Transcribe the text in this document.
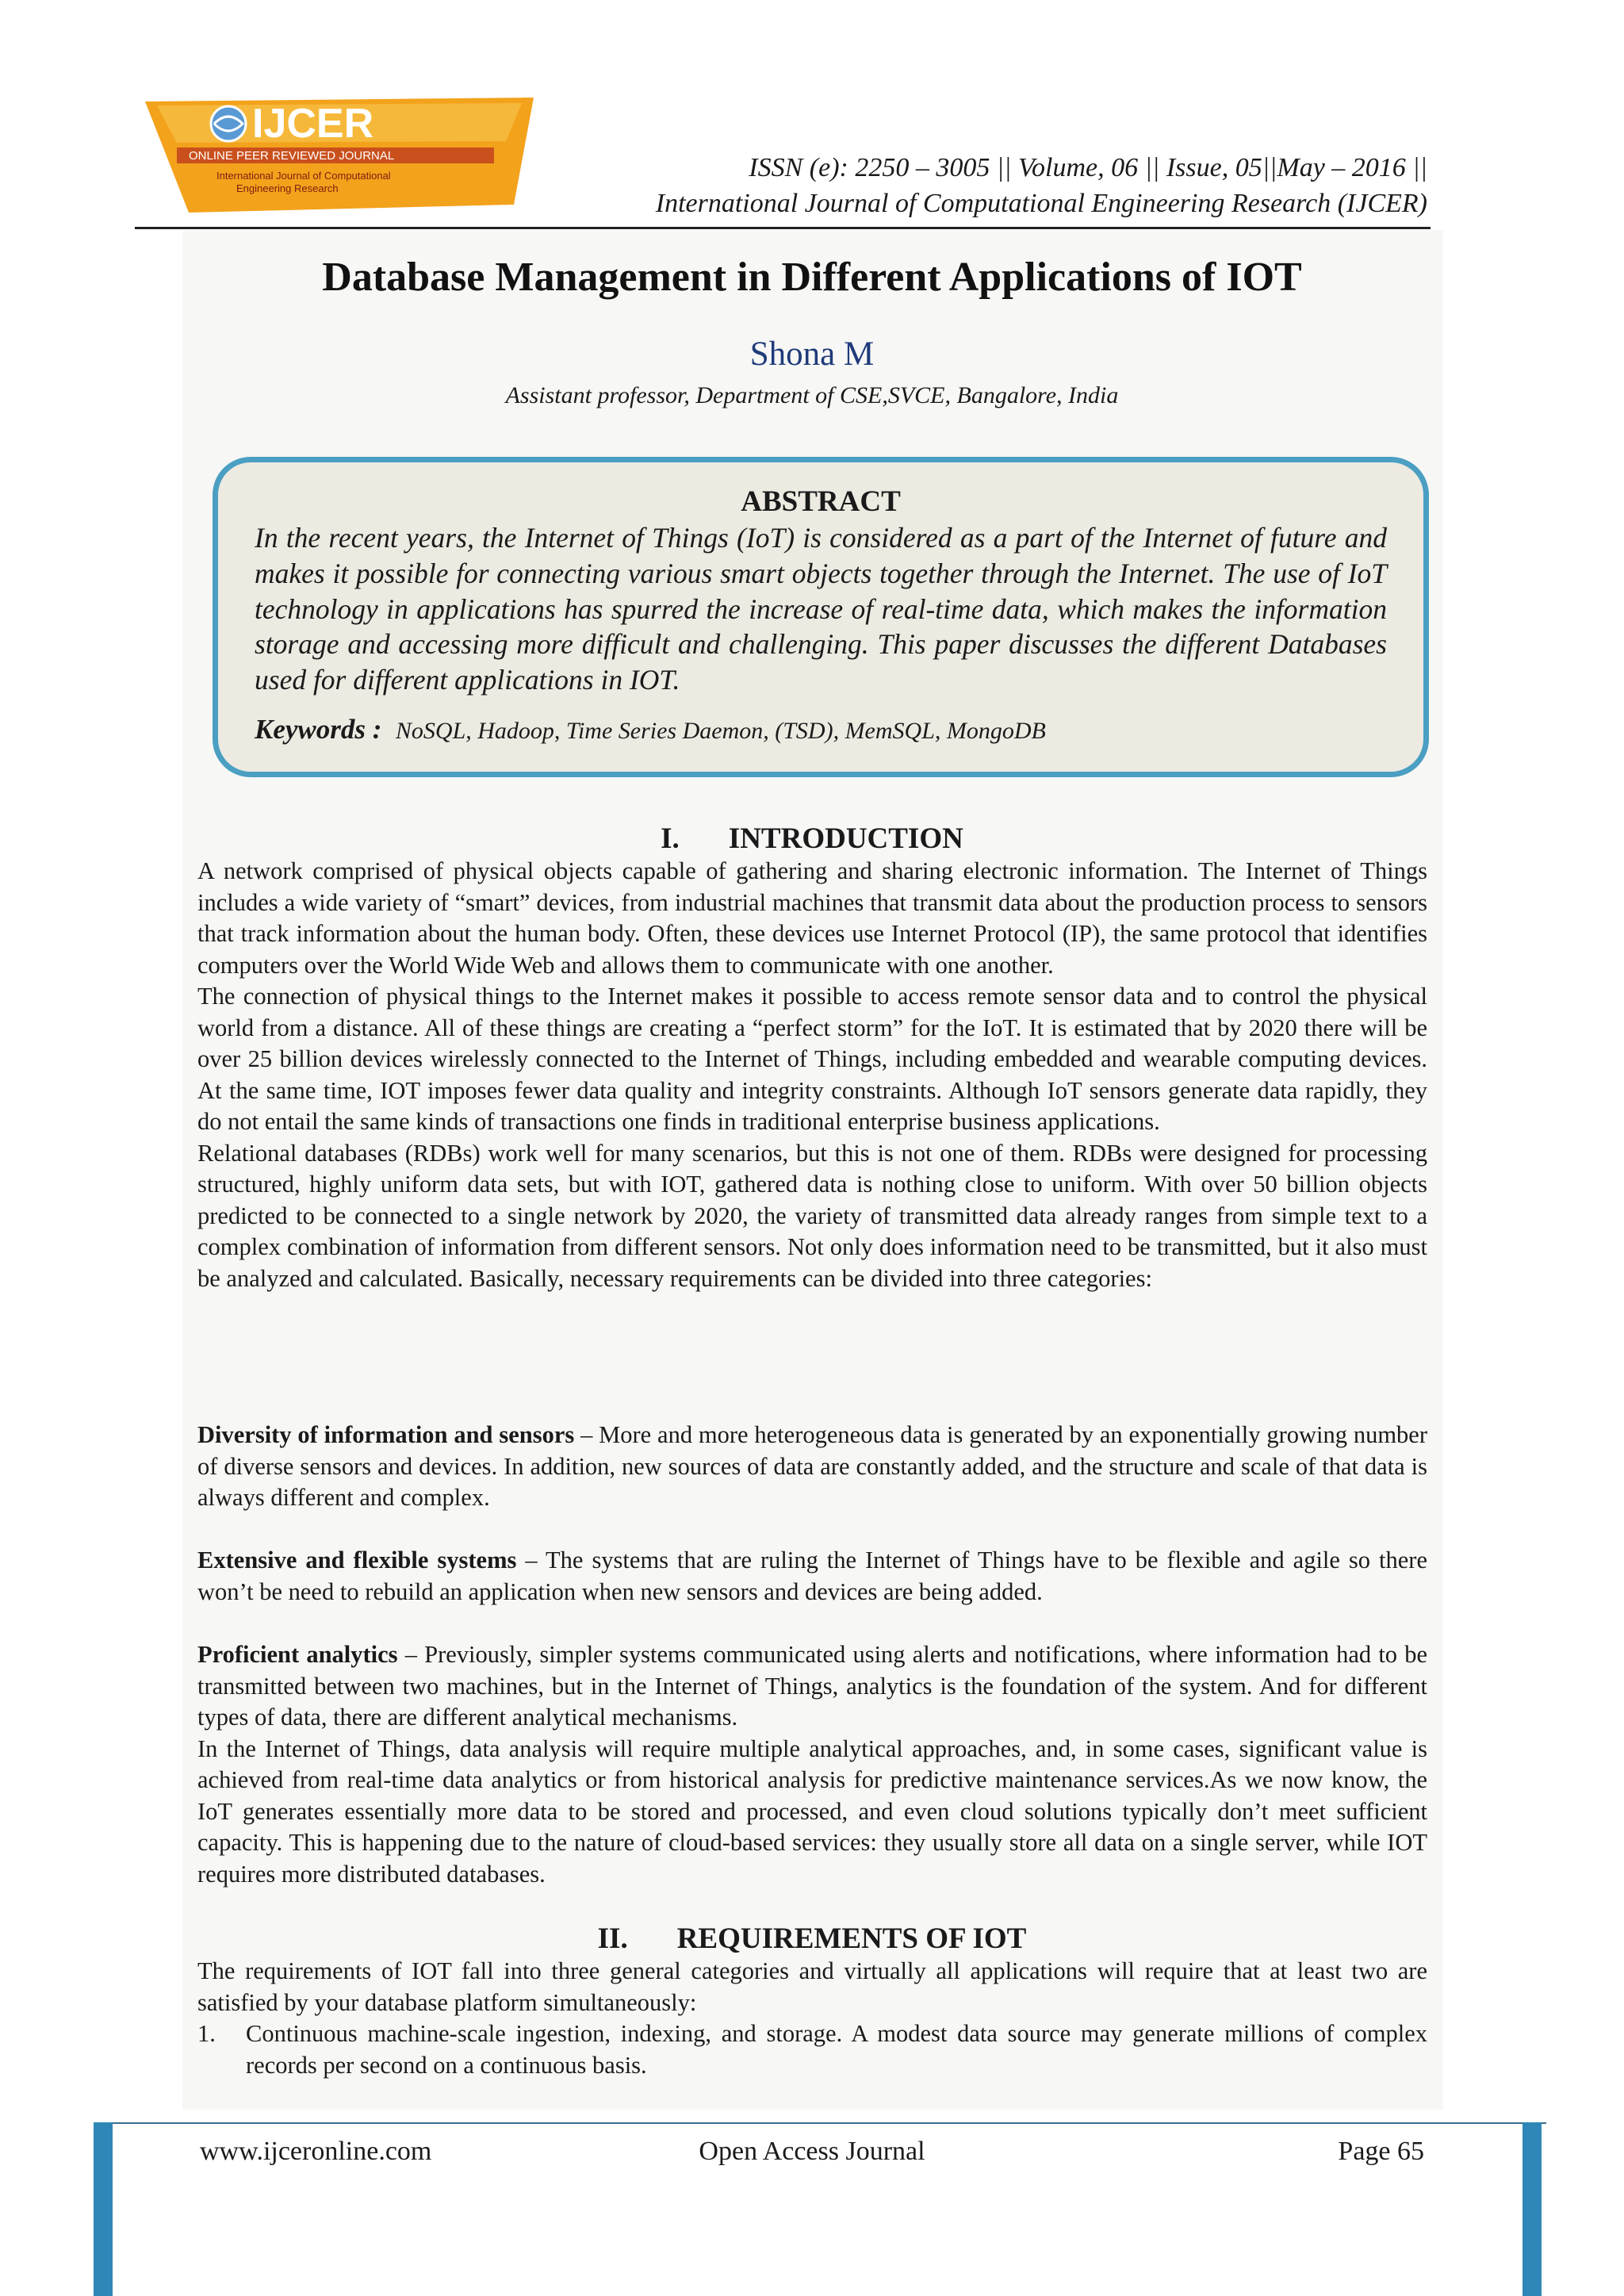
IJCER
ONLINE PEER REVIEWED JOURNAL
International Journal of Computational
Engineering Research
ISSN (e): 2250 – 3005 || Volume, 06 || Issue, 05||May – 2016 ||
International Journal of Computational Engineering Research (IJCER)
Database Management in Different Applications of IOT
Shona M
Assistant professor, Department of CSE,SVCE, Bangalore, India
ABSTRACT
In the recent years, the Internet of Things (IoT) is considered as a part of the Internet of future and makes it possible for connecting various smart objects together through the Internet. The use of IoT technology in applications has spurred the increase of real-time data, which makes the information storage and accessing more difficult and challenging. This paper discusses the different Databases used for different applications in IOT.
Keywords : NoSQL, Hadoop, Time Series Daemon, (TSD), MemSQL, MongoDB
I. INTRODUCTION

A network comprised of physical objects capable of gathering and sharing electronic information. The Internet of Things includes a wide variety of “smart” devices, from industrial machines that transmit data about the production process to sensors that track information about the human body. Often, these devices use Internet Protocol (IP), the same protocol that identifies computers over the World Wide Web and allows them to communicate with one another.

The connection of physical things to the Internet makes it possible to access remote sensor data and to control the physical world from a distance. All of these things are creating a “perfect storm” for the IoT. It is estimated that by 2020 there will be over 25 billion devices wirelessly connected to the Internet of Things, including embedded and wearable computing devices. At the same time, IOT imposes fewer data quality and integrity constraints. Although IoT sensors generate data rapidly, they do not entail the same kinds of transactions one finds in traditional enterprise business applications.

Relational databases (RDBs) work well for many scenarios, but this is not one of them. RDBs were designed for processing structured, highly uniform data sets, but with IOT, gathered data is nothing close to uniform. With over 50 billion objects predicted to be connected to a single network by 2020, the variety of transmitted data already ranges from simple text to a complex combination of information from different sensors. Not only does information need to be transmitted, but it also must be analyzed and calculated. Basically, necessary requirements can be divided into three categories:

Diversity of information and sensors – More and more heterogeneous data is generated by an exponentially growing number of diverse sensors and devices. In addition, new sources of data are constantly added, and the structure and scale of that data is always different and complex.

Extensive and flexible systems – The systems that are ruling the Internet of Things have to be flexible and agile so there won’t be need to rebuild an application when new sensors and devices are being added.

Proficient analytics – Previously, simpler systems communicated using alerts and notifications, where information had to be transmitted between two machines, but in the Internet of Things, analytics is the foundation of the system. And for different types of data, there are different analytical mechanisms.

In the Internet of Things, data analysis will require multiple analytical approaches, and, in some cases, significant value is achieved from real-time data analytics or from historical analysis for predictive maintenance services.As we now know, the IoT generates essentially more data to be stored and processed, and even cloud solutions typically don’t meet sufficient capacity. This is happening due to the nature of cloud-based services: they usually store all data on a single server, while IOT requires more distributed databases.

II. REQUIREMENTS OF IOT

The requirements of IOT fall into three general categories and virtually all applications will require that at least two are satisfied by your database platform simultaneously:

1. Continuous machine-scale ingestion, indexing, and storage. A modest data source may generate millions of complex records per second on a continuous basis.
www.ijceronline.com	Open Access Journal	Page 65
